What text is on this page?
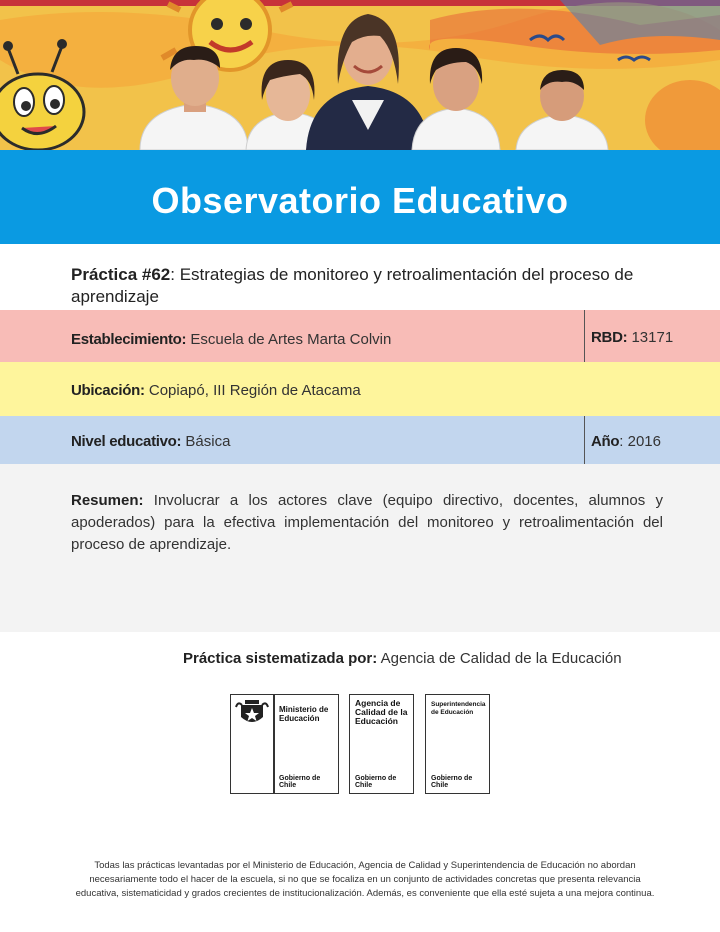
Observatorio Educativo
Práctica #62: Estrategias de monitoreo y retroalimentación del proceso de aprendizaje
Establecimiento: Escuela de Artes Marta Colvin	RBD: 13171
Ubicación: Copiapó, III Región de Atacama
Nivel educativo: Básica	Año: 2016

Resumen: Involucrar a los actores clave (equipo directivo, docentes, alumnos y apoderados) para la efectiva implementación del monitoreo y retroalimentación del proceso de aprendizaje.

Práctica sistematizada por: Agencia de Calidad de la Educación
Ministerio de Educación
Gobierno de Chile
Agencia de Calidad de la Educación
Gobierno de Chile
Superintendencia de Educación
Gobierno de Chile
Todas las prácticas levantadas por el Ministerio de Educación, Agencia de Calidad y Superintendencia de Educación no abordan
necesariamente todo el hacer de la escuela, si no que se focaliza en un conjunto de actividades concretas que presenta relevancia
educativa, sistematicidad y grados crecientes de institucionalización. Además, es conveniente que ella esté sujeta a una mejora continua.
